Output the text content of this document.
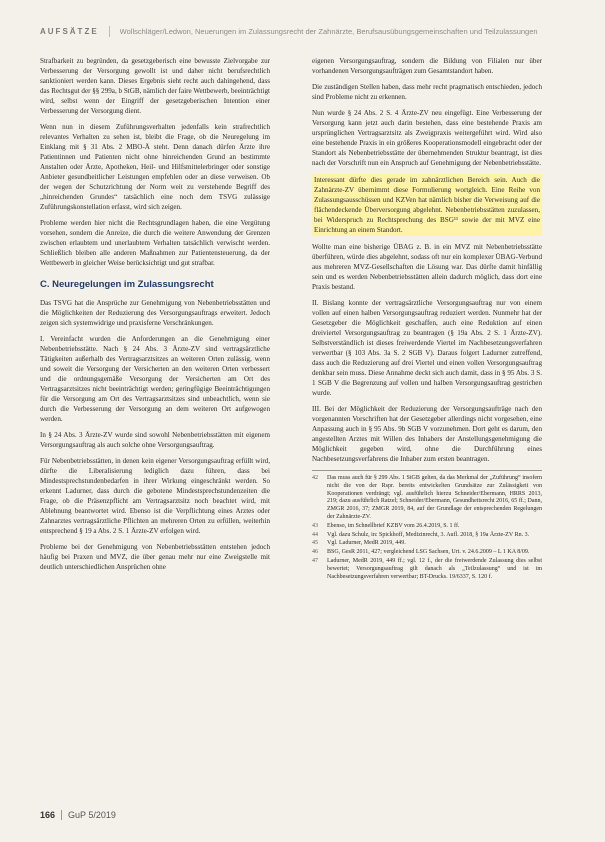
AUFSÄTZE	Wollschläger/Ledwon, Neuerungen im Zulassungsrecht der Zahnärzte, Berufsausübungsgemeinschaften und Teilzulassungen

Strafbarkeit zu begründen, da gesetzgeberisch eine bewusste Zielvorgabe zur Verbesserung der Versorgung gewollt ist und daher nicht berufsrechtlich sanktioniert werden kann. Dieses Ergebnis sieht recht auch dahingehend, dass das Rechtsgut der §§ 299a, b StGB, nämlich der faire Wettbewerb, beeinträchtigt wird, selbst wenn der Eingriff der gesetzgeberischen Intention einer Verbesserung der Versorgung dient.

Wenn nun in diesem Zuführungsverhalten jedenfalls kein strafrechtlich relevantes Verhalten zu sehen ist, bleibt die Frage, ob die Neuregelung im Einklang mit § 31 Abs. 2 MBO-Ä steht. Denn danach dürfen Ärzte ihre Patientinnen und Patienten nicht ohne hinreichenden Grund an bestimmte Anstalten oder Ärzte, Apotheken, Heil- und Hilfsmittelerbringer oder sonstige Anbieter gesundheitlicher Leistungen empfehlen oder an diese verweisen. Ob der wegen der Schutzrichtung der Norm weit zu verstehende Begriff des „hinreichenden Grundes“ tatsächlich eine noch dem TSVG zulässige Zuführungskonstellation erfasst, wird sich zeigen.

Probleme werden hier nicht die Rechtsgrundlagen haben, die eine Vergütung vorsehen, sondern die Anreize, die durch die weitere Anwendung der Grenzen zwischen erlaubtem und unerlaubtem Verhalten tatsächlich verwischt werden. Schließlich bleiben alle anderen Maßnahmen zur Patientensteuerung, da der Wettbewerb in gleicher Weise berücksichtigt und gut strafbar.

C. Neuregelungen im Zulassungsrecht

Das TSVG hat die Ansprüche zur Genehmigung von Nebenbetriebsstätten und die Möglichkeiten der Reduzierung des Versorgungsauftrags erweitert. Jedoch zeigen sich systemwidrige und praxisferne Verschränkungen.

I. Vereinfacht wurden die Anforderungen an die Genehmigung einer Nebenbetriebsstätte. Nach § 24 Abs. 3 Ärzte-ZV sind vertragsärztliche Tätigkeiten außerhalb des Vertragsarztsitzes an weiteren Orten zulässig, wenn und soweit die Versorgung der Versicherten an den weiteren Orten verbessert und die ordnungsgemäße Versorgung der Versicherten am Ort des Vertragsarztsitzes nicht beeinträchtigt werden; geringfügige Beeinträchtigungen für die Versorgung am Ort des Vertragsarztsitzes sind unbeachtlich, wenn sie durch die Verbesserung der Versorgung an dem weiteren Ort aufgewogen werden.

In § 24 Abs. 3 Ärzte-ZV wurde sind sowohl Nebenbetriebsstätten mit eigenem Versorgungsauftrag als auch solche ohne Versorgungsauftrag.

Für Nebenbetriebsstätten, in denen kein eigener Versorgungsauftrag erfüllt wird, dürfte die Liberalisierung lediglich dazu führen, dass bei Mindestsprechstundenbedarfen in ihrer Wirkung eingeschränkt werden. So erkennt Ladurner, dass durch die gebotene Mindestsprechstundenzeiten die Frage, ob die Präsenzpflicht am Vertragsarztsitz noch beachtet wird, mit Ablehnung beantwortet wird. Ebenso ist die Verpflichtung eines Arztes oder Zahnarztes vertragsärztliche Pflichten an mehreren Orten zu erfüllen, weiterhin entsprechend § 19 a Abs. 2 S. 1 Ärzte-ZV erfolgen wird.

Probleme bei der Genehmigung von Nebenbetriebsstätten entstehen jedoch häufig bei Praxen und MVZ, die über genau mehr nur eine Zweigstelle mit deutlich unterschiedlichen Ansprüchen ohne

eigenen Versorgungsauftrag, sondern die Bildung von Filialen nur über vorhandenen Versorgungsaufträgen zum Gesamtstandort haben.

Die zuständigen Stellen haben, dass mehr recht pragmatisch entschieden, jedoch sind Probleme nicht zu erkennen.

Nun wurde § 24 Abs. 2 S. 4 Ärzte-ZV neu eingefügt. Eine Verbesserung der Versorgung kann jetzt auch darin bestehen, dass eine bestehende Praxis am ursprünglichen Vertragsarztsitz als Zweigpraxis weitergeführt wird. Wird also eine bestehende Praxis in ein größeres Kooperationsmodell eingebracht oder der Standort als Nebenbetriebsstätte der übernehmenden Struktur beantragt, ist dies nach der Vorschrift nun ein Anspruch auf Genehmigung der Nebenbetriebsstätte.

Interessant dürfte dies gerade im zahnärztlichen Bereich sein. Auch die Zahnärzte-ZV übernimmt diese Formulierung wortgleich. Eine Reihe von Zulassungsausschüssen und KZVen hat nämlich bisher die Verweisung auf die flächendeckende Überversorgung abgelehnt. Nebenbetriebsstätten zuzulassen, bei Widerspruch zu Rechtsprechung des BSG¹¹ sowie der mit MVZ eine Einrichtung an einem Standort.

Wollte man eine bisherige ÜBAG z. B. in ein MVZ mit Nebenbetriebsstätte überführen, würde dies abgelehnt, sodass oft nur ein komplexer ÜBAG-Verbund aus mehreren MVZ-Gesellschaften die Lösung war. Das dürfte damit hinfällig sein und es werden Nebenbetriebsstätten allein dadurch möglich, dass dort eine Praxis bestand.

II. Bislang konnte der vertragsärztliche Versorgungsauftrag nur von einem vollen auf einen halben Versorgungsauftrag reduziert werden. Nunmehr hat der Gesetzgeber die Möglichkeit geschaffen, auch eine Reduktion auf einen dreiviertel Versorgungsauftrag zu beantragen (§ 19a Abs. 2 S. 1 Ärzte-ZV). Selbstverständlich ist dieses freiwerdende Viertel im Nachbesetzungsverfahren verwertbar (§ 103 Abs. 3a S. 2 SGB V). Daraus folgert Ladurner zutreffend, dass auch die Reduzierung auf drei Viertel und einen vollen Versorgungsauftrag denkbar sein muss. Diese Annahme deckt sich auch damit, dass in § 95 Abs. 3 S. 1 SGB V die Begrenzung auf vollen und halben Versorgungsauftrag gestrichen wurde.

III. Bei der Möglichkeit der Reduzierung der Versorgungsaufträge nach den vorgenannten Vorschriften hat der Gesetzgeber allerdings nicht vorgesehen, eine Anpassung auch in § 95 Abs. 9b SGB V vorzunehmen. Dort geht es darum, den angestellten Arztes mit Willen des Inhabers der Anstellungsgenehmigung die Möglichkeit gegeben wird, ohne die Durchführung eines Nachbesetzungsverfahrens die Inhaber zum ersten beantragen.

42	Das muss auch für § 299 Abs. 1 StGB gelten, da das Merkmal der „Zuführung“ insofern nicht die von der Rspr. bereits entwickelten Grundsätze zur Zulässigkeit von Kooperationen verdrängt; vgl. ausführlich hierzu Schneider/Ebermann, HRRS 2013, 219; dazu ausführlich Ratzel; Schneider/Ebermann, Gesundheitsrecht 2016, 65 ff.; Dann, ZMGR 2016, 37; ZMGR 2019, 84, auf der Grundlage der entsprechenden Regelungen der Zahnärzte-ZV.
43	Ebenso, im Schnellbrief KZBV vom 26.4.2019, S. 1 ff.
44	Vgl. dazu Schulz, in: Spickhoff, Medizinrecht, 3. Aufl. 2018, § 19a Ärzte-ZV Rn. 3.
45	Vgl. Ladurner, MedR 2019, 449.
46	BSG, GesR 2011, 427; vergleichend LSG Sachsen, Urt. v. 24.6.2009 – L 1 KA 8/09.
47	Ladurner, MedR 2019, 449 ff.; vgl. 12 f., der die freiwerdende Zulassung dies selbst bewertet; Versorgungsauftrag gilt danach als „Teilzulassung“ und ist im Nachbesetzungsverfahren verwertbar; BT-Drucks. 19/6337, S. 120 f.
166 GuP 5/2019
